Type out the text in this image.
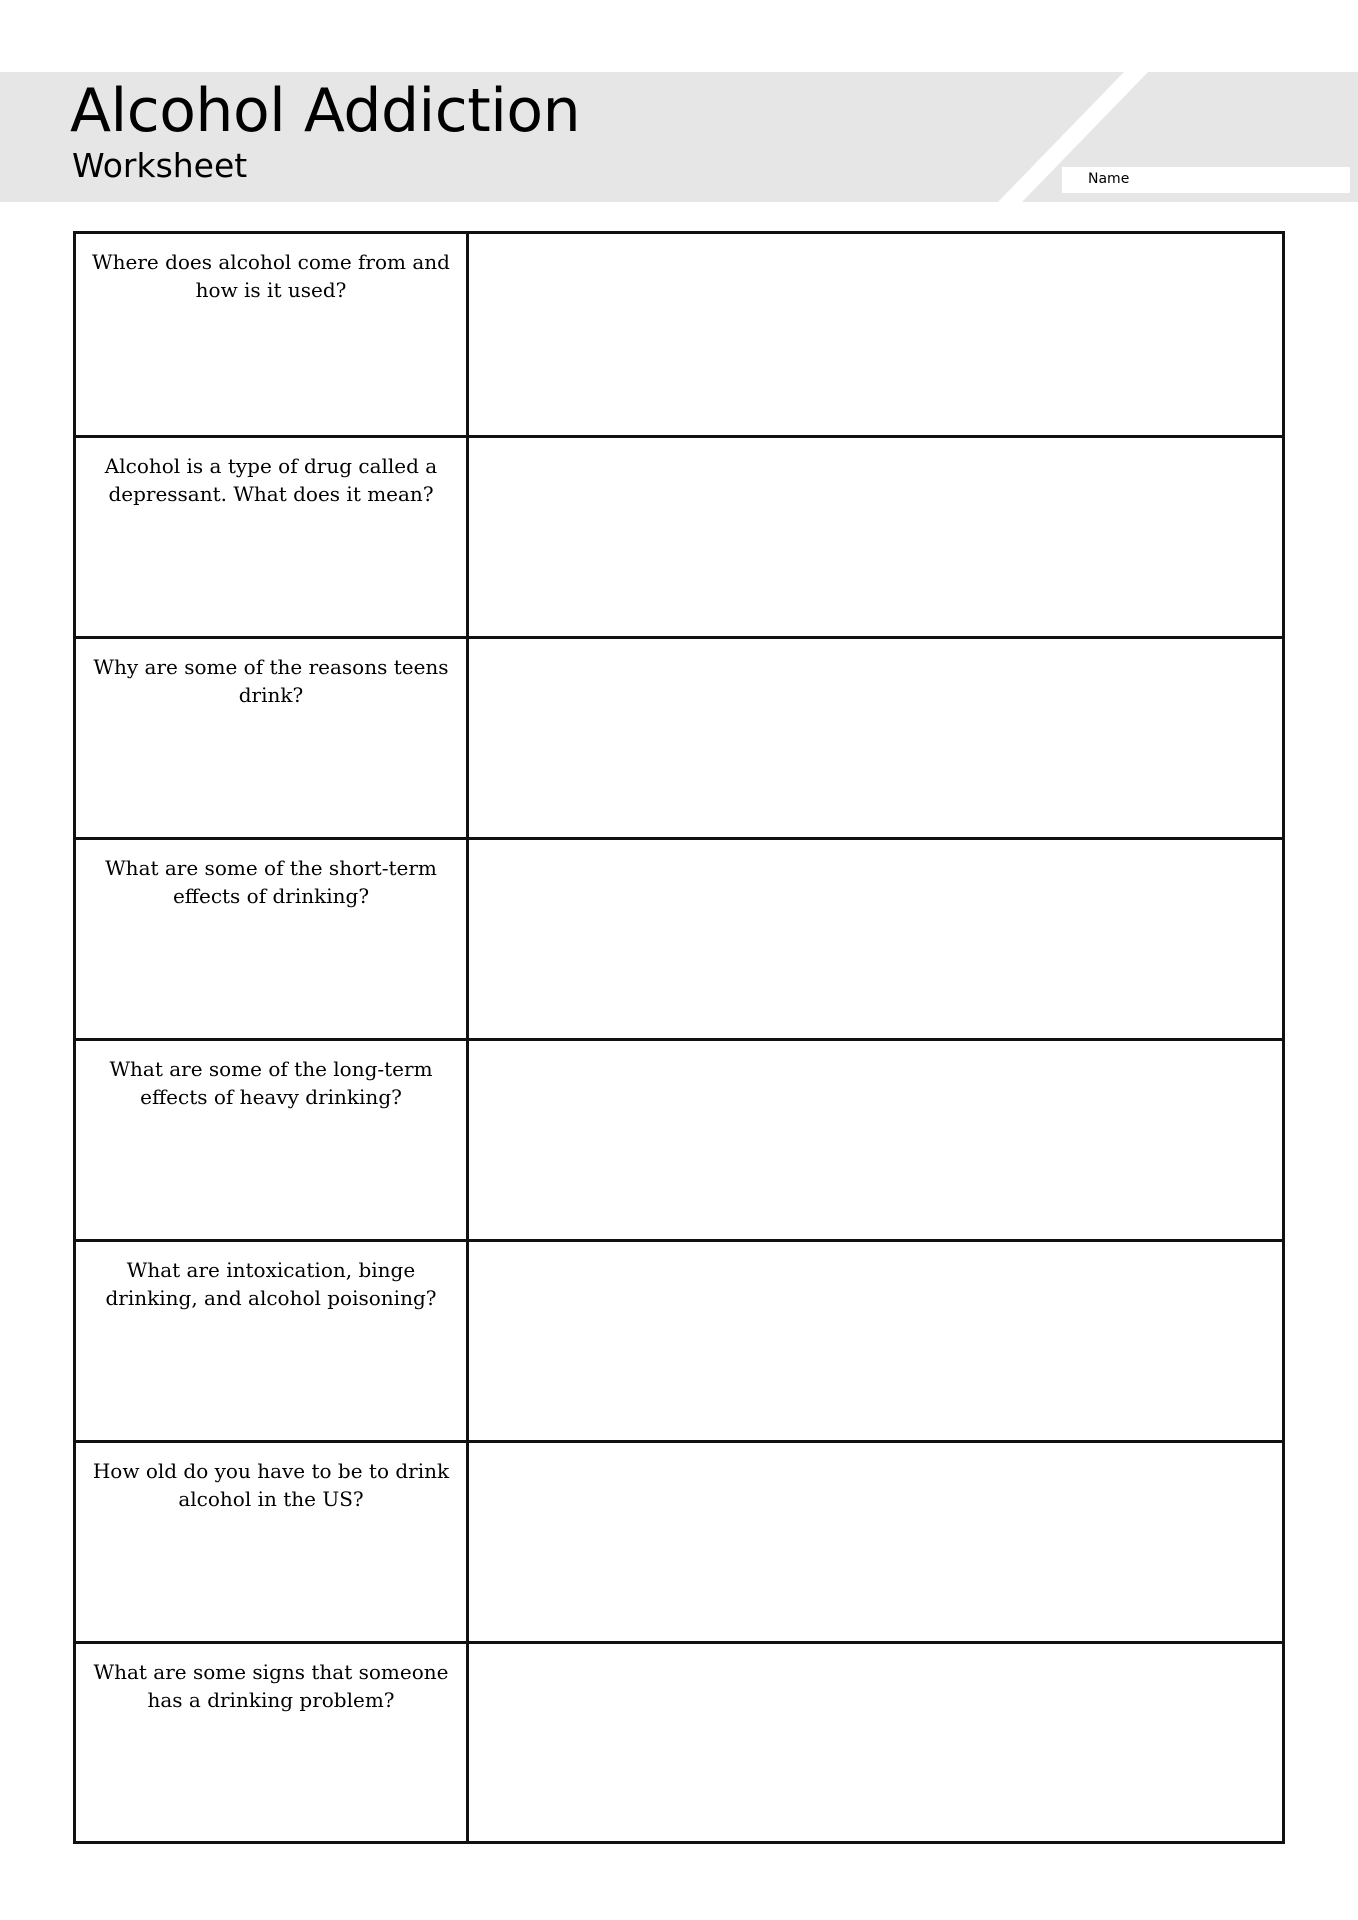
Alcohol Addiction
Worksheet	Name
Where does alcohol come from and how is it used?
Alcohol is a type of drug called a depressant. What does it mean?
Why are some of the reasons teens drink?
What are some of the short-term effects of drinking?
What are some of the long-term effects of heavy drinking?
What are intoxication, binge drinking, and alcohol poisoning?
How old do you have to be to drink alcohol in the US?
What are some signs that someone has a drinking problem?
